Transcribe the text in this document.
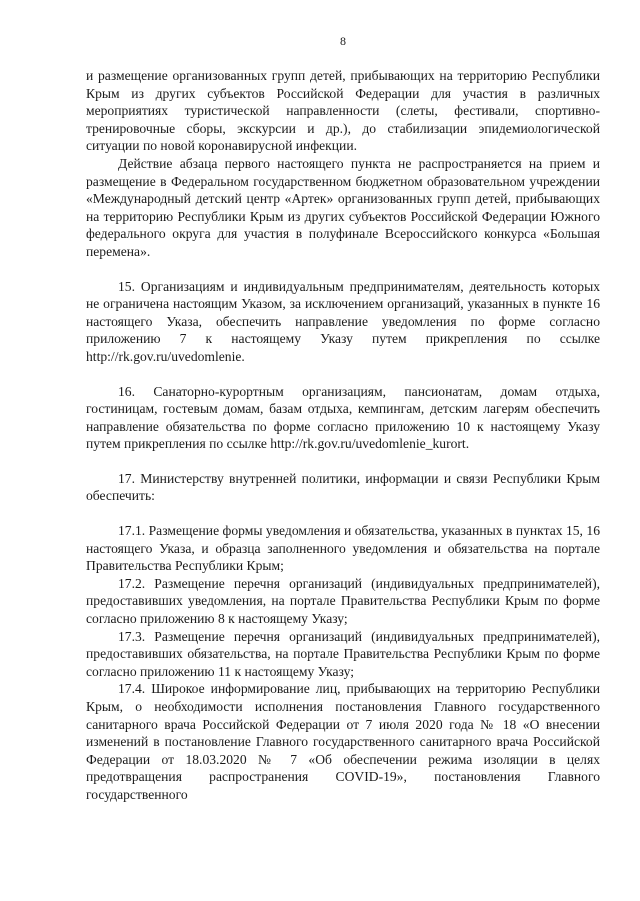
8

и размещение организованных групп детей, прибывающих на территорию Республики Крым из других субъектов Российской Федерации для участия в различных мероприятиях туристической направленности (слеты, фестивали, спортивно-тренировочные сборы, экскурсии и др.), до стабилизации эпидемиологической ситуации по новой коронавирусной инфекции.

Действие абзаца первого настоящего пункта не распространяется на прием и размещение в Федеральном государственном бюджетном образовательном учреждении «Международный детский центр «Артек» организованных групп детей, прибывающих на территорию Республики Крым из других субъектов Российской Федерации Южного федерального округа для участия в полуфинале Всероссийского конкурса «Большая перемена».

15. Организациям и индивидуальным предпринимателям, деятельность которых не ограничена настоящим Указом, за исключением организаций, указанных в пункте 16 настоящего Указа, обеспечить направление уведомления по форме согласно приложению 7 к настоящему Указу путем прикрепления по ссылке http://rk.gov.ru/uvedomlenie.

16. Санаторно-курортным организациям, пансионатам, домам отдыха, гостиницам, гостевым домам, базам отдыха, кемпингам, детским лагерям обеспечить направление обязательства по форме согласно приложению 10 к настоящему Указу путем прикрепления по ссылке http://rk.gov.ru/uvedomlenie_kurort.

17. Министерству внутренней политики, информации и связи Республики Крым обеспечить:

17.1. Размещение формы уведомления и обязательства, указанных в пунктах 15, 16 настоящего Указа, и образца заполненного уведомления и обязательства на портале Правительства Республики Крым;

17.2. Размещение перечня организаций (индивидуальных предпринимателей), предоставивших уведомления, на портале Правительства Республики Крым по форме согласно приложению 8 к настоящему Указу;

17.3. Размещение перечня организаций (индивидуальных предпринимателей), предоставивших обязательства, на портале Правительства Республики Крым по форме согласно приложению 11 к настоящему Указу;

17.4. Широкое информирование лиц, прибывающих на территорию Республики Крым, о необходимости исполнения постановления Главного государственного санитарного врача Российской Федерации от 7 июля 2020 года № 18 «О внесении изменений в постановление Главного государственного санитарного врача Российской Федерации от 18.03.2020 № 7 «Об обеспечении режима изоляции в целях предотвращения распространения COVID-19», постановления Главного государственного
